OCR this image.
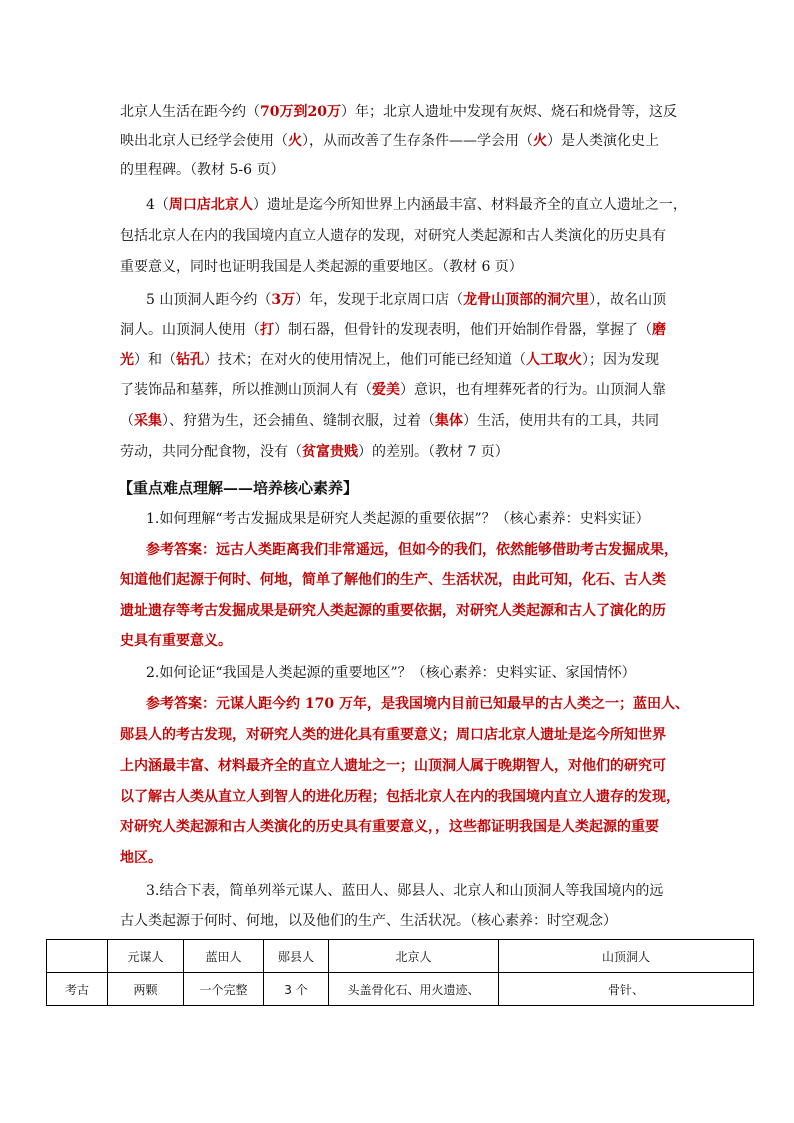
北京人生活在距今约（70万到20万）年；北京人遗址中发现有灰烬、烧石和烧骨等，这反
映出北京人已经学会使用（火），从而改善了生存条件——学会用（火）是人类演化史上
的里程碑。（教材 5-6 页）
4（周口店北京人）遗址是迄今所知世界上内涵最丰富、材料最齐全的直立人遗址之一，
包括北京人在内的我国境内直立人遗存的发现，对研究人类起源和古人类演化的历史具有
重要意义，同时也证明我国是人类起源的重要地区。（教材 6 页）
5 山顶洞人距今约（3万）年，发现于北京周口店（龙骨山顶部的洞穴里），故名山顶
洞人。山顶洞人使用（打）制石器，但骨针的发现表明，他们开始制作骨器，掌握了（磨
光）和（钻孔）技术；在对火的使用情况上，他们可能已经知道（人工取火）；因为发现
了装饰品和墓葬，所以推测山顶洞人有（爱美）意识，也有埋葬死者的行为。山顶洞人靠
（采集）、狩猎为生，还会捕鱼、缝制衣服，过着（集体）生活，使用共有的工具，共同
劳动，共同分配食物，没有（贫富贵贱）的差别。（教材 7 页）
【重点难点理解——培养核心素养】
1.如何理解“考古发掘成果是研究人类起源的重要依据”？（核心素养：史料实证）
参考答案：远古人类距离我们非常遥远，但如今的我们，依然能够借助考古发掘成果，
知道他们起源于何时、何地，简单了解他们的生产、生活状况，由此可知，化石、古人类
遗址遗存等考古发掘成果是研究人类起源的重要依据，对研究人类起源和古人了演化的历
史具有重要意义。
2.如何论证“我国是人类起源的重要地区”？（核心素养：史料实证、家国情怀）
参考答案：元谋人距今约 170 万年，是我国境内目前已知最早的古人类之一；蓝田人、
郧县人的考古发现，对研究人类的进化具有重要意义；周口店北京人遗址是迄今所知世界
上内涵最丰富、材料最齐全的直立人遗址之一；山顶洞人属于晚期智人，对他们的研究可
以了解古人类从直立人到智人的进化历程；包括北京人在内的我国境内直立人遗存的发现，
对研究人类起源和古人类演化的历史具有重要意义，，这些都证明我国是人类起源的重要
地区。
3.结合下表，简单列举元谋人、蓝田人、郧县人、北京人和山顶洞人等我国境内的远
古人类起源于何时、何地，以及他们的生产、生活状况。（核心素养：时空观念）
	元谋人	蓝田人	郧县人	北京人	山顶洞人
考古	两颗	一个完整	3 个	头盖骨化石、用火遗迹、	骨针、
